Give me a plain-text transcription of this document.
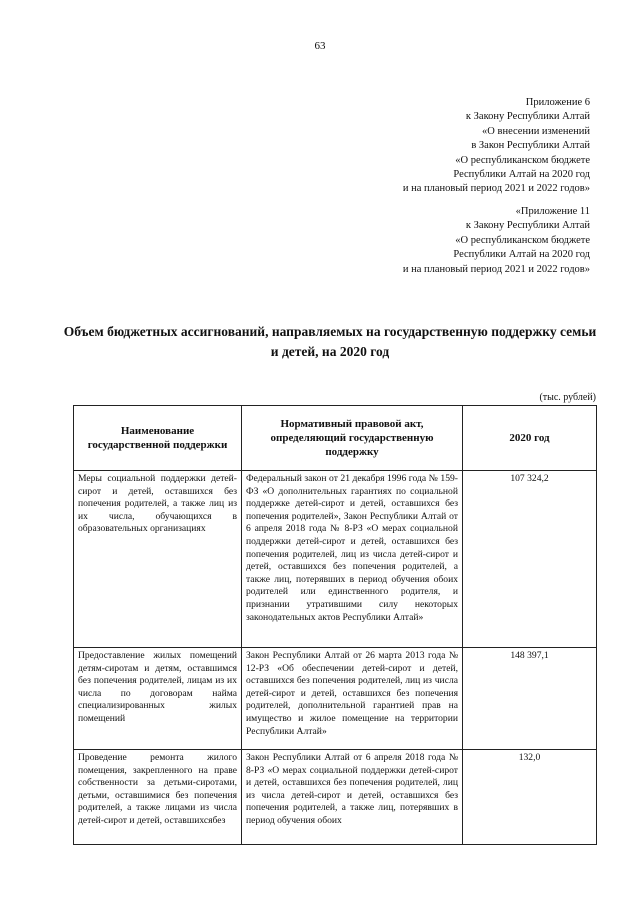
63
Приложение 6
к Закону Республики Алтай
«О внесении изменений
в Закон Республики Алтай
«О республиканском бюджете
Республики Алтай на 2020 год
и на плановый период 2021 и 2022 годов»
«Приложение 11
к Закону Республики Алтай
«О республиканском бюджете
Республики Алтай на 2020 год
и на плановый период 2021 и 2022 годов»
Объем бюджетных ассигнований, направляемых на государственную поддержку семьи и детей, на 2020 год
(тыс. рублей)
Наименование государственной поддержки	Нормативный правовой акт, определяющий государственную поддержку	2020 год
Меры социальной поддержки детей-сирот и детей, оставшихся без попечения родителей, а также лиц из их числа, обучающихся в образовательных организациях	Федеральный закон от 21 декабря 1996 года № 159-ФЗ «О дополнительных гарантиях по социальной поддержке детей-сирот и детей, оставшихся без попечения родителей», Закон Республики Алтай от 6 апреля 2018 года № 8-РЗ «О мерах социальной поддержки детей-сирот и детей, оставшихся без попечения родителей, лиц из числа детей-сирот и детей, оставшихся без попечения родителей, а также лиц, потерявших в период обучения обоих родителей или единственного родителя, и признании утратившими силу некоторых законодательных актов Республики Алтай»	107 324,2
Предоставление жилых помещений детям-сиротам и детям, оставшимся без попечения родителей, лицам из их числа по договорам найма специализированных жилых помещений	Закон Республики Алтай от 26 марта 2013 года № 12-РЗ «Об обеспечении детей-сирот и детей, оставшихся без попечения родителей, лиц из числа детей-сирот и детей, оставшихся без попечения родителей, дополнительной гарантией прав на имущество и жилое помещение на территории Республики Алтай»	148 397,1
Проведение ремонта жилого помещения, закрепленного на праве собственности за детьми-сиротами, детьми, оставшимися без попечения родителей, а также лицами из числа детей-сирот и детей, оставшихсябез	Закон Республики Алтай от 6 апреля 2018 года № 8-РЗ «О мерах социальной поддержки детей-сирот и детей, оставшихся без попечения родителей, лиц из числа детей-сирот и детей, оставшихся без попечения родителей, а также лиц, потерявших в период обучения обоих	132,0
